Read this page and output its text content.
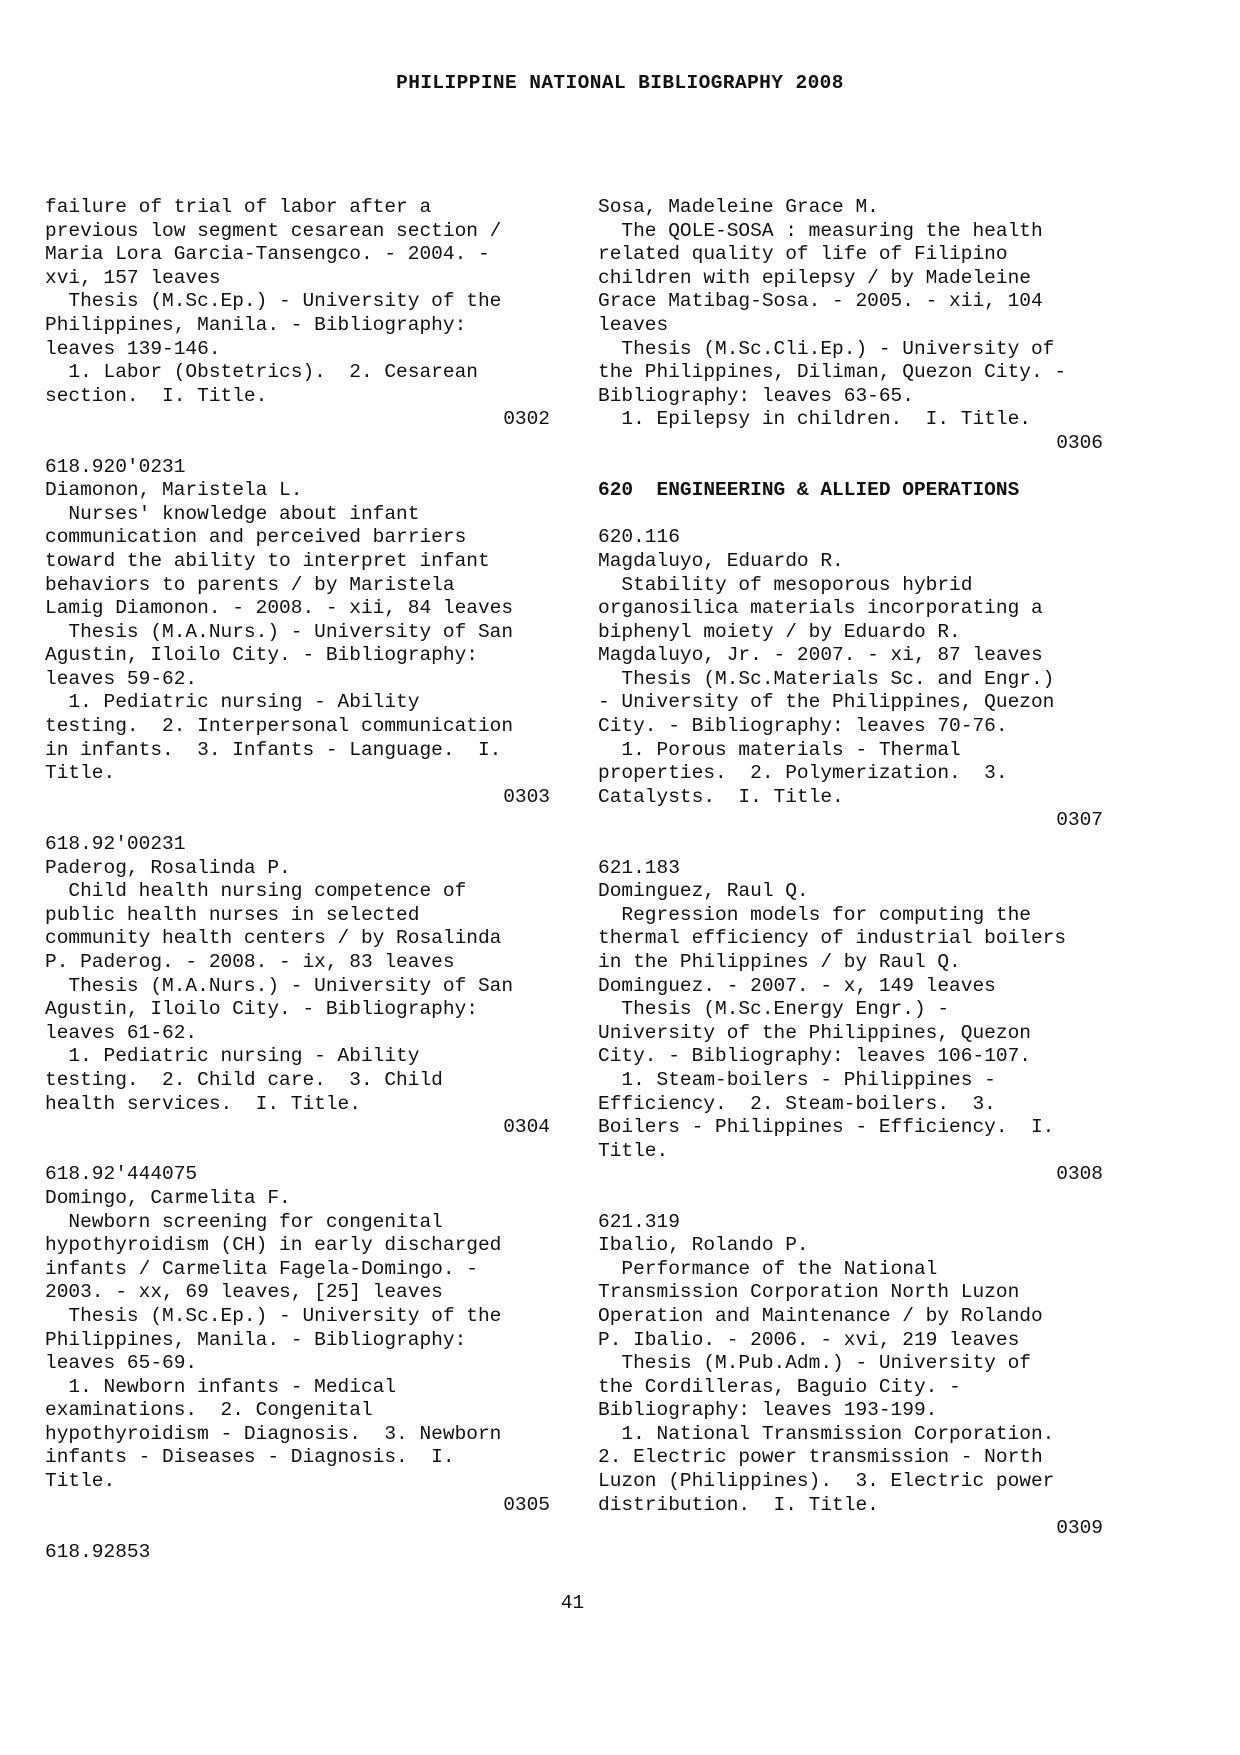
PHILIPPINE NATIONAL BIBLIOGRAPHY 2008
failure of trial of labor after a
previous low segment cesarean section /
Maria Lora Garcia-Tansengco. - 2004. -
xvi, 157 leaves
Thesis (M.Sc.Ep.) - University of the
Philippines, Manila. - Bibliography:
leaves 139-146.
1. Labor (Obstetrics).  2. Cesarean
section.  I. Title.
0302
618.920'0231
Diamonon, Maristela L.
Nurses' knowledge about infant
communication and perceived barriers
toward the ability to interpret infant
behaviors to parents / by Maristela
Lamig Diamonon. - 2008. - xii, 84 leaves
Thesis (M.A.Nurs.) - University of San
Agustin, Iloilo City. - Bibliography:
leaves 59-62.
1. Pediatric nursing - Ability
testing.  2. Interpersonal communication
in infants.  3. Infants - Language.  I.
Title.
0303
618.92'00231
Paderog, Rosalinda P.
Child health nursing competence of
public health nurses in selected
community health centers / by Rosalinda
P. Paderog. - 2008. - ix, 83 leaves
Thesis (M.A.Nurs.) - University of San
Agustin, Iloilo City. - Bibliography:
leaves 61-62.
1. Pediatric nursing - Ability
testing.  2. Child care.  3. Child
health services.  I. Title.
0304
618.92'444075
Domingo, Carmelita F.
Newborn screening for congenital
hypothyroidism (CH) in early discharged
infants / Carmelita Fagela-Domingo. -
2003. - xx, 69 leaves, [25] leaves
Thesis (M.Sc.Ep.) - University of the
Philippines, Manila. - Bibliography:
leaves 65-69.
1. Newborn infants - Medical
examinations.  2. Congenital
hypothyroidism - Diagnosis.  3. Newborn
infants - Diseases - Diagnosis.  I.
Title.
0305
618.92853
Sosa, Madeleine Grace M.
The QOLE-SOSA : measuring the health
related quality of life of Filipino
children with epilepsy / by Madeleine
Grace Matibag-Sosa. - 2005. - xii, 104
leaves
Thesis (M.Sc.Cli.Ep.) - University of
the Philippines, Diliman, Quezon City. -
Bibliography: leaves 63-65.
1. Epilepsy in children.  I. Title.
0306
620  ENGINEERING & ALLIED OPERATIONS
620.116
Magdaluyo, Eduardo R.
Stability of mesoporous hybrid
organosilica materials incorporating a
biphenyl moiety / by Eduardo R.
Magdaluyo, Jr. - 2007. - xi, 87 leaves
Thesis (M.Sc.Materials Sc. and Engr.)
- University of the Philippines, Quezon
City. - Bibliography: leaves 70-76.
1. Porous materials - Thermal
properties.  2. Polymerization.  3.
Catalysts.  I. Title.
0307
621.183
Dominguez, Raul Q.
Regression models for computing the
thermal efficiency of industrial boilers
in the Philippines / by Raul Q.
Dominguez. - 2007. - x, 149 leaves
Thesis (M.Sc.Energy Engr.) -
University of the Philippines, Quezon
City. - Bibliography: leaves 106-107.
1. Steam-boilers - Philippines -
Efficiency.  2. Steam-boilers.  3.
Boilers - Philippines - Efficiency.  I.
Title.
0308
621.319
Ibalio, Rolando P.
Performance of the National
Transmission Corporation North Luzon
Operation and Maintenance / by Rolando
P. Ibalio. - 2006. - xvi, 219 leaves
Thesis (M.Pub.Adm.) - University of
the Cordilleras, Baguio City. -
Bibliography: leaves 193-199.
1. National Transmission Corporation.
2. Electric power transmission - North
Luzon (Philippines).  3. Electric power
distribution.  I. Title.
0309
41
